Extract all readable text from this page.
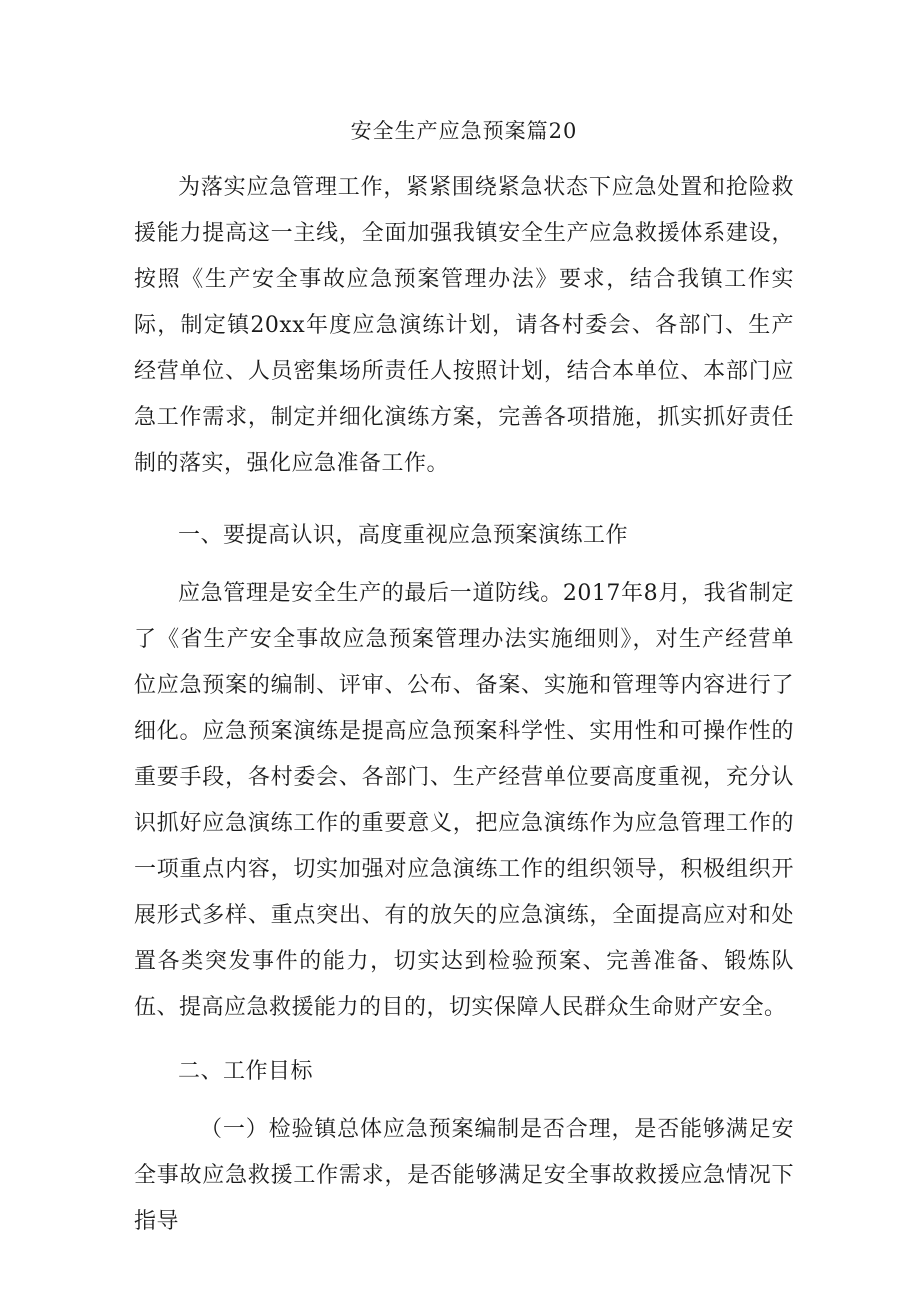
安全生产应急预案篇20

为落实应急管理工作，紧紧围绕紧急状态下应急处置和抢险救援能力提高这一主线，全面加强我镇安全生产应急救援体系建设，按照《生产安全事故应急预案管理办法》要求，结合我镇工作实际，制定镇20xx年度应急演练计划，请各村委会、各部门、生产经营单位、人员密集场所责任人按照计划，结合本单位、本部门应急工作需求，制定并细化演练方案，完善各项措施，抓实抓好责任制的落实，强化应急准备工作。

一、要提高认识，高度重视应急预案演练工作

应急管理是安全生产的最后一道防线。2017年8月，我省制定了《省生产安全事故应急预案管理办法实施细则》，对生产经营单位应急预案的编制、评审、公布、备案、实施和管理等内容进行了细化。应急预案演练是提高应急预案科学性、实用性和可操作性的重要手段，各村委会、各部门、生产经营单位要高度重视，充分认识抓好应急演练工作的重要意义，把应急演练作为应急管理工作的一项重点内容，切实加强对应急演练工作的组织领导，积极组织开展形式多样、重点突出、有的放矢的应急演练，全面提高应对和处置各类突发事件的能力，切实达到检验预案、完善准备、锻炼队伍、提高应急救援能力的目的，切实保障人民群众生命财产安全。

二、工作目标

（一）检验镇总体应急预案编制是否合理，是否能够满足安全事故应急救援工作需求，是否能够满足安全事故救援应急情况下指导
